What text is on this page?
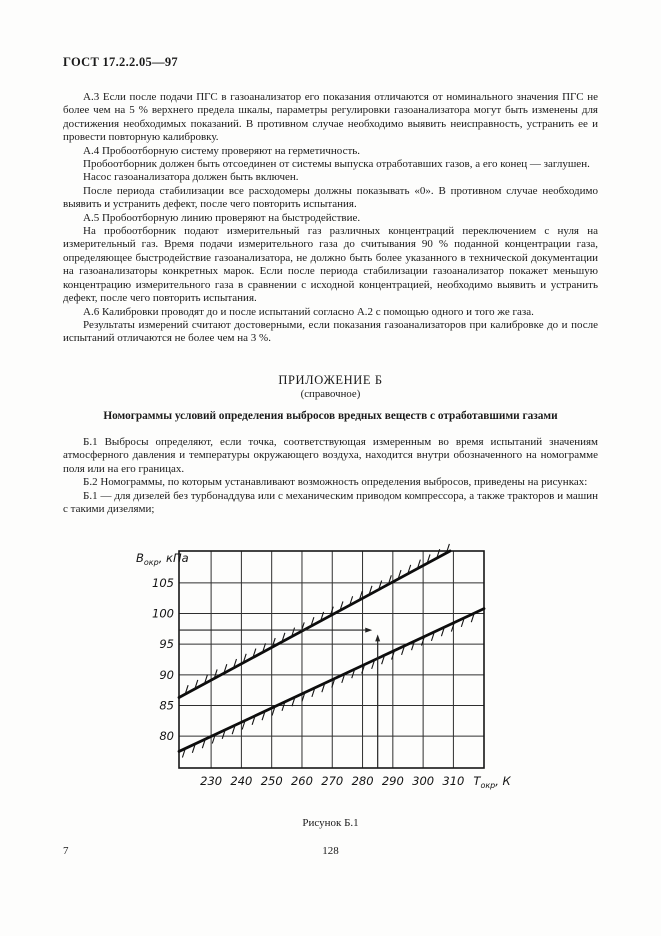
ГОСТ 17.2.2.05—97

А.3 Если после подачи ПГС в газоанализатор его показания отличаются от номинального значения ПГС не более чем на 5 % верхнего предела шкалы, параметры регулировки газоанализатора могут быть изменены для достижения необходимых показаний. В противном случае необходимо выявить неисправность, устранить ее и провести повторную калибровку.

А.4 Пробоотборную систему проверяют на герметичность.

Пробоотборник должен быть отсоединен от системы выпуска отработавших газов, а его конец — заглушен.

Насос газоанализатора должен быть включен.

После периода стабилизации все расходомеры должны показывать «0». В противном случае необходимо выявить и устранить дефект, после чего повторить испытания.

А.5 Пробоотборную линию проверяют на быстродействие.

На пробоотборник подают измерительный газ различных концентраций переключением с нуля на измерительный газ. Время подачи измерительного газа до считывания 90 % поданной концентрации газа, определяющее быстродействие газоанализатора, не должно быть более указанного в технической документации на газоанализаторы конкретных марок. Если после периода стабилизации газоанализатор покажет меньшую концентрацию измерительного газа в сравнении с исходной концентрацией, необходимо выявить и устранить дефект, после чего повторить испытания.

А.6 Калибровки проводят до и после испытаний согласно А.2 с помощью одного и того же газа.

Результаты измерений считают достоверными, если показания газоанализаторов при калибровке до и после испытаний отличаются не более чем на 3 %.

ПРИЛОЖЕНИЕ Б
(справочное)
Номограммы условий определения выбросов вредных веществ с отработавшими газами

Б.1 Выбросы определяют, если точка, соответствующая измеренным во время испытаний значениям атмосферного давления и температуры окружающего воздуха, находится внутри обозначенного на номограмме поля или на его границах.

Б.2 Номограммы, по которым устанавливают возможность определения выбросов, приведены на рисунках:

Б.1 — для дизелей без турбонаддува или с механическим приводом компрессора, а также тракторов и машин с такими дизелями;

230 240 250 260 270 280 290 300 310
80
85
90
95
100
105
$В_{окр}$, кПа
$Т_{окр}$, К
Рисунок Б.1
7	128
